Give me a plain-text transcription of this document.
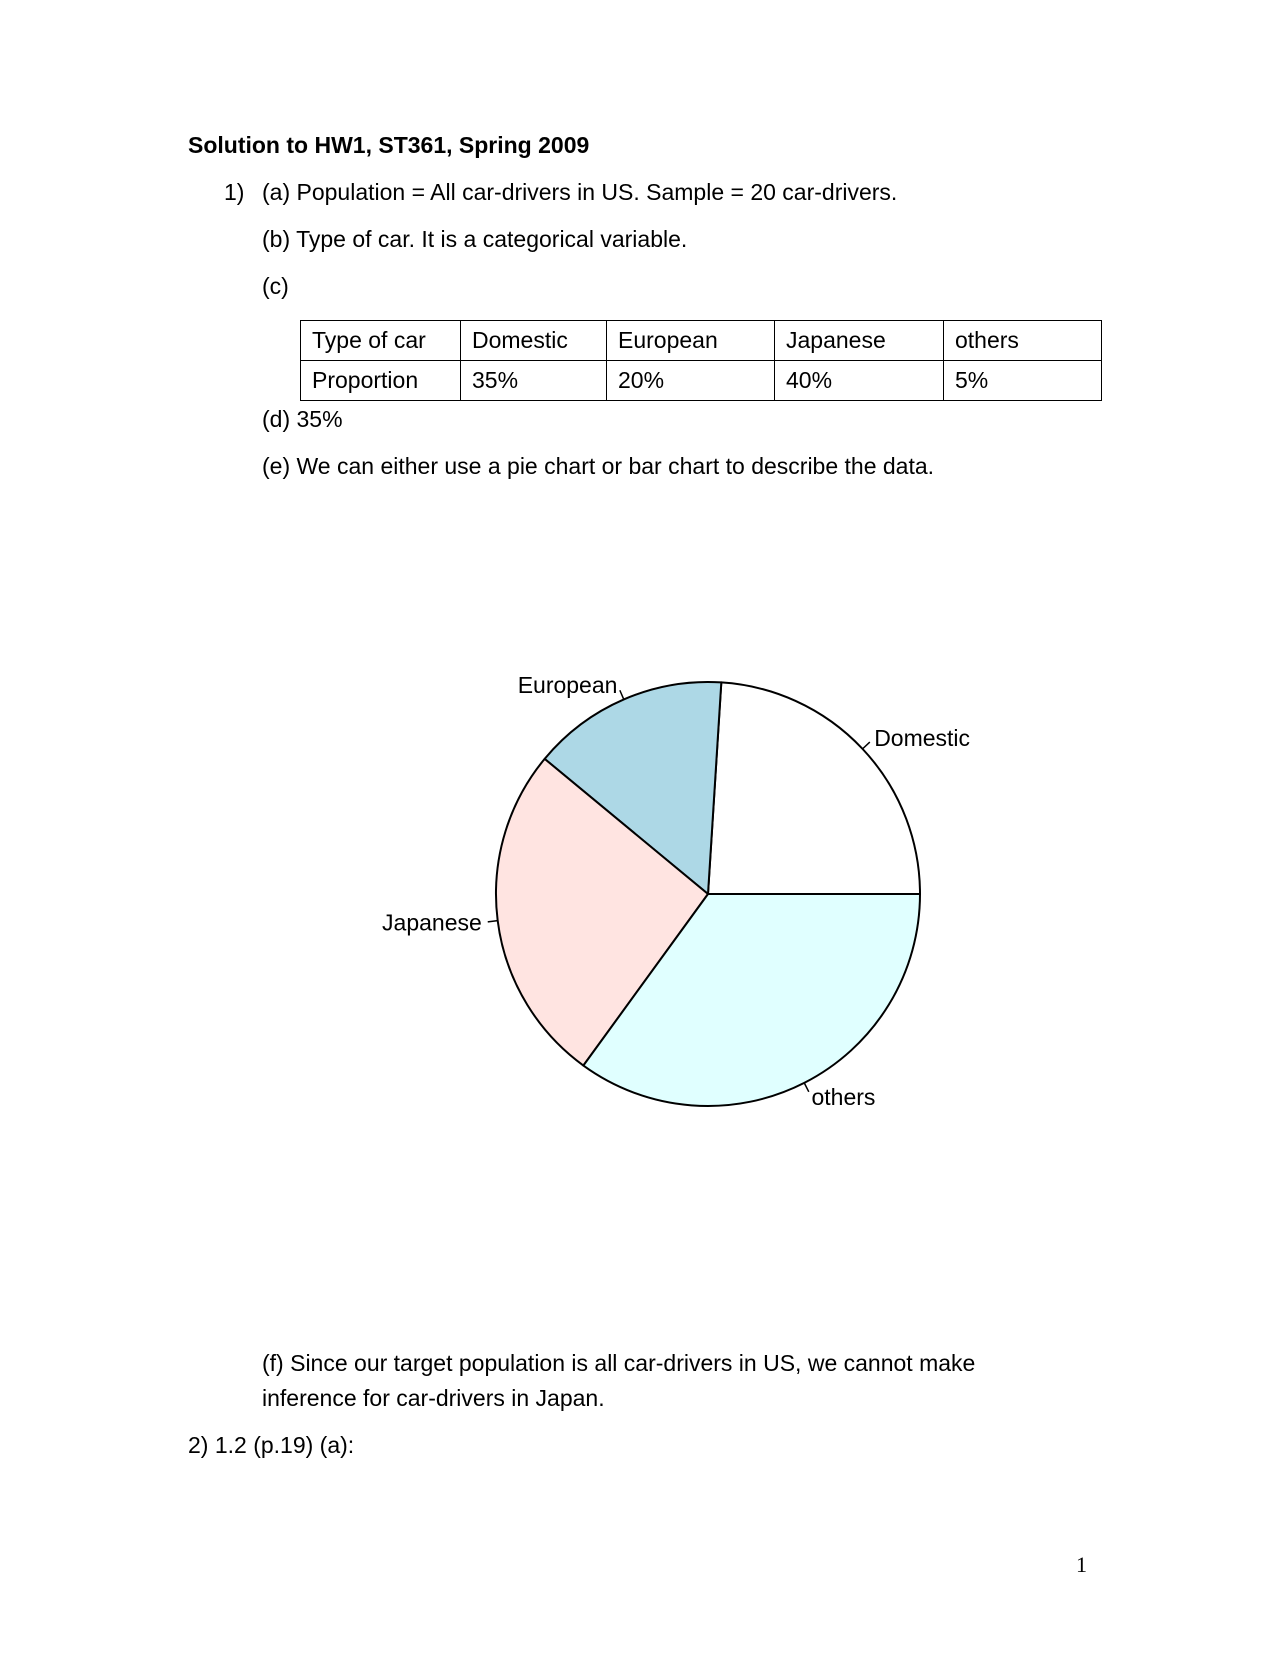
Solution to HW1, ST361, Spring 2009
1) (a) Population = All car-drivers in US. Sample = 20 car-drivers.
(b) Type of car. It is a categorical variable.
(c)
Type of car	Domestic	European	Japanese	others
Proportion	35%	20%	40%	5%
(d) 35%
(e) We can either use a pie chart or bar chart to describe the data.
Domestic
European
Japanese
others
(f) Since our target population is all car-drivers in US, we cannot make
inference for car-drivers in Japan.
2) 1.2 (p.19) (a):
1
